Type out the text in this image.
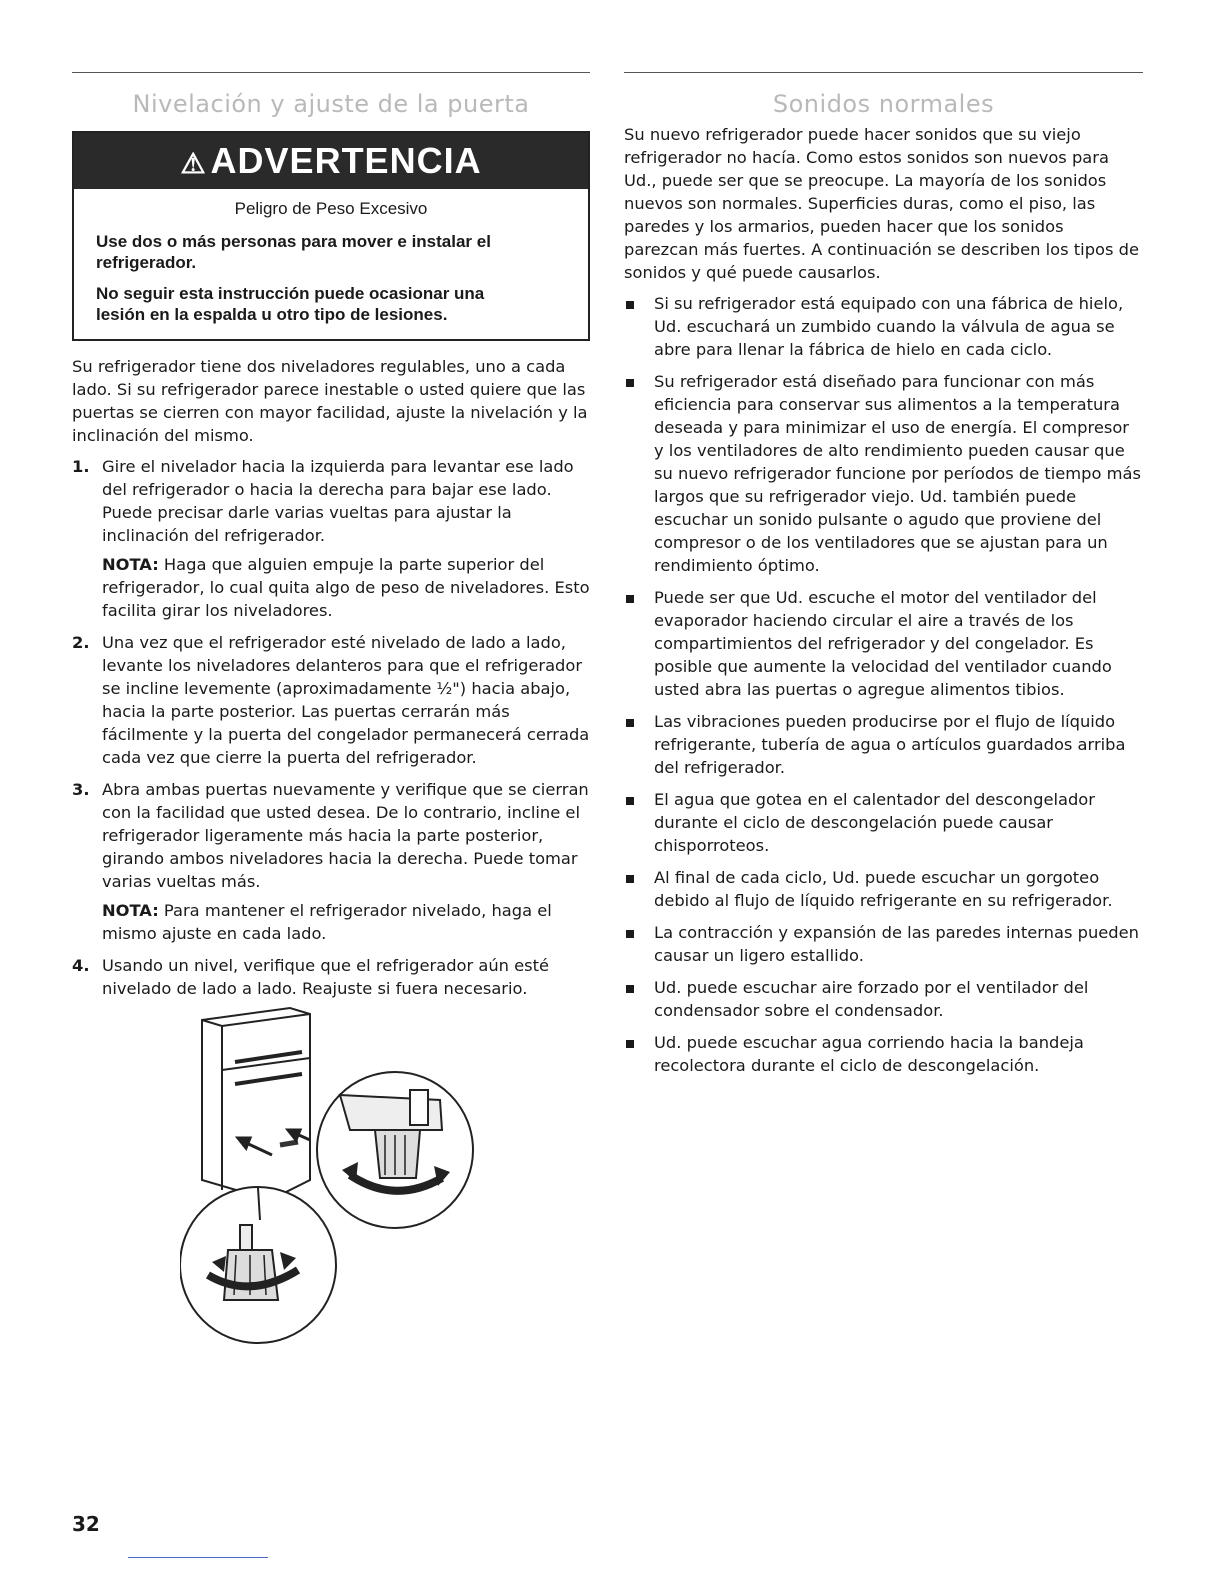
Nivelación y ajuste de la puerta
⚠ ADVERTENCIA
Peligro de Peso Excesivo

Use dos o más personas para mover e instalar el refrigerador.

No seguir esta instrucción puede ocasionar una lesión en la espalda u otro tipo de lesiones.

Su refrigerador tiene dos niveladores regulables, uno a cada lado. Si su refrigerador parece inestable o usted quiere que las puertas se cierren con mayor facilidad, ajuste la nivelación y la inclinación del mismo.

1. Gire el nivelador hacia la izquierda para levantar ese lado del refrigerador o hacia la derecha para bajar ese lado. Puede precisar darle varias vueltas para ajustar la inclinación del refrigerador.
NOTA: Haga que alguien empuje la parte superior del refrigerador, lo cual quita algo de peso de niveladores. Esto facilita girar los niveladores.
2. Una vez que el refrigerador esté nivelado de lado a lado, levante los niveladores delanteros para que el refrigerador se incline levemente (aproximadamente ½") hacia abajo, hacia la parte posterior. Las puertas cerrarán más fácilmente y la puerta del congelador permanecerá cerrada cada vez que cierre la puerta del refrigerador.
3. Abra ambas puertas nuevamente y verifique que se cierran con la facilidad que usted desea. De lo contrario, incline el refrigerador ligeramente más hacia la parte posterior, girando ambos niveladores hacia la derecha. Puede tomar varias vueltas más.
NOTA: Para mantener el refrigerador nivelado, haga el mismo ajuste en cada lado.
4. Usando un nivel, verifique que el refrigerador aún esté nivelado de lado a lado. Reajuste si fuera necesario.
Sonidos normales

Su nuevo refrigerador puede hacer sonidos que su viejo refrigerador no hacía. Como estos sonidos son nuevos para Ud., puede ser que se preocupe. La mayoría de los sonidos nuevos son normales. Superficies duras, como el piso, las paredes y los armarios, pueden hacer que los sonidos parezcan más fuertes. A continuación se describen los tipos de sonidos y qué puede causarlos.

Si su refrigerador está equipado con una fábrica de hielo, Ud. escuchará un zumbido cuando la válvula de agua se abre para llenar la fábrica de hielo en cada ciclo.
Su refrigerador está diseñado para funcionar con más eficiencia para conservar sus alimentos a la temperatura deseada y para minimizar el uso de energía. El compresor y los ventiladores de alto rendimiento pueden causar que su nuevo refrigerador funcione por períodos de tiempo más largos que su refrigerador viejo. Ud. también puede escuchar un sonido pulsante o agudo que proviene del compresor o de los ventiladores que se ajustan para un rendimiento óptimo.
Puede ser que Ud. escuche el motor del ventilador del evaporador haciendo circular el aire a través de los compartimientos del refrigerador y del congelador. Es posible que aumente la velocidad del ventilador cuando usted abra las puertas o agregue alimentos tibios.
Las vibraciones pueden producirse por el flujo de líquido refrigerante, tubería de agua o artículos guardados arriba del refrigerador.
El agua que gotea en el calentador del descongelador durante el ciclo de descongelación puede causar chisporroteos.
Al final de cada ciclo, Ud. puede escuchar un gorgoteo debido al flujo de líquido refrigerante en su refrigerador.
La contracción y expansión de las paredes internas pueden causar un ligero estallido.
Ud. puede escuchar aire forzado por el ventilador del condensador sobre el condensador.
Ud. puede escuchar agua corriendo hacia la bandeja recolectora durante el ciclo de descongelación.
32
